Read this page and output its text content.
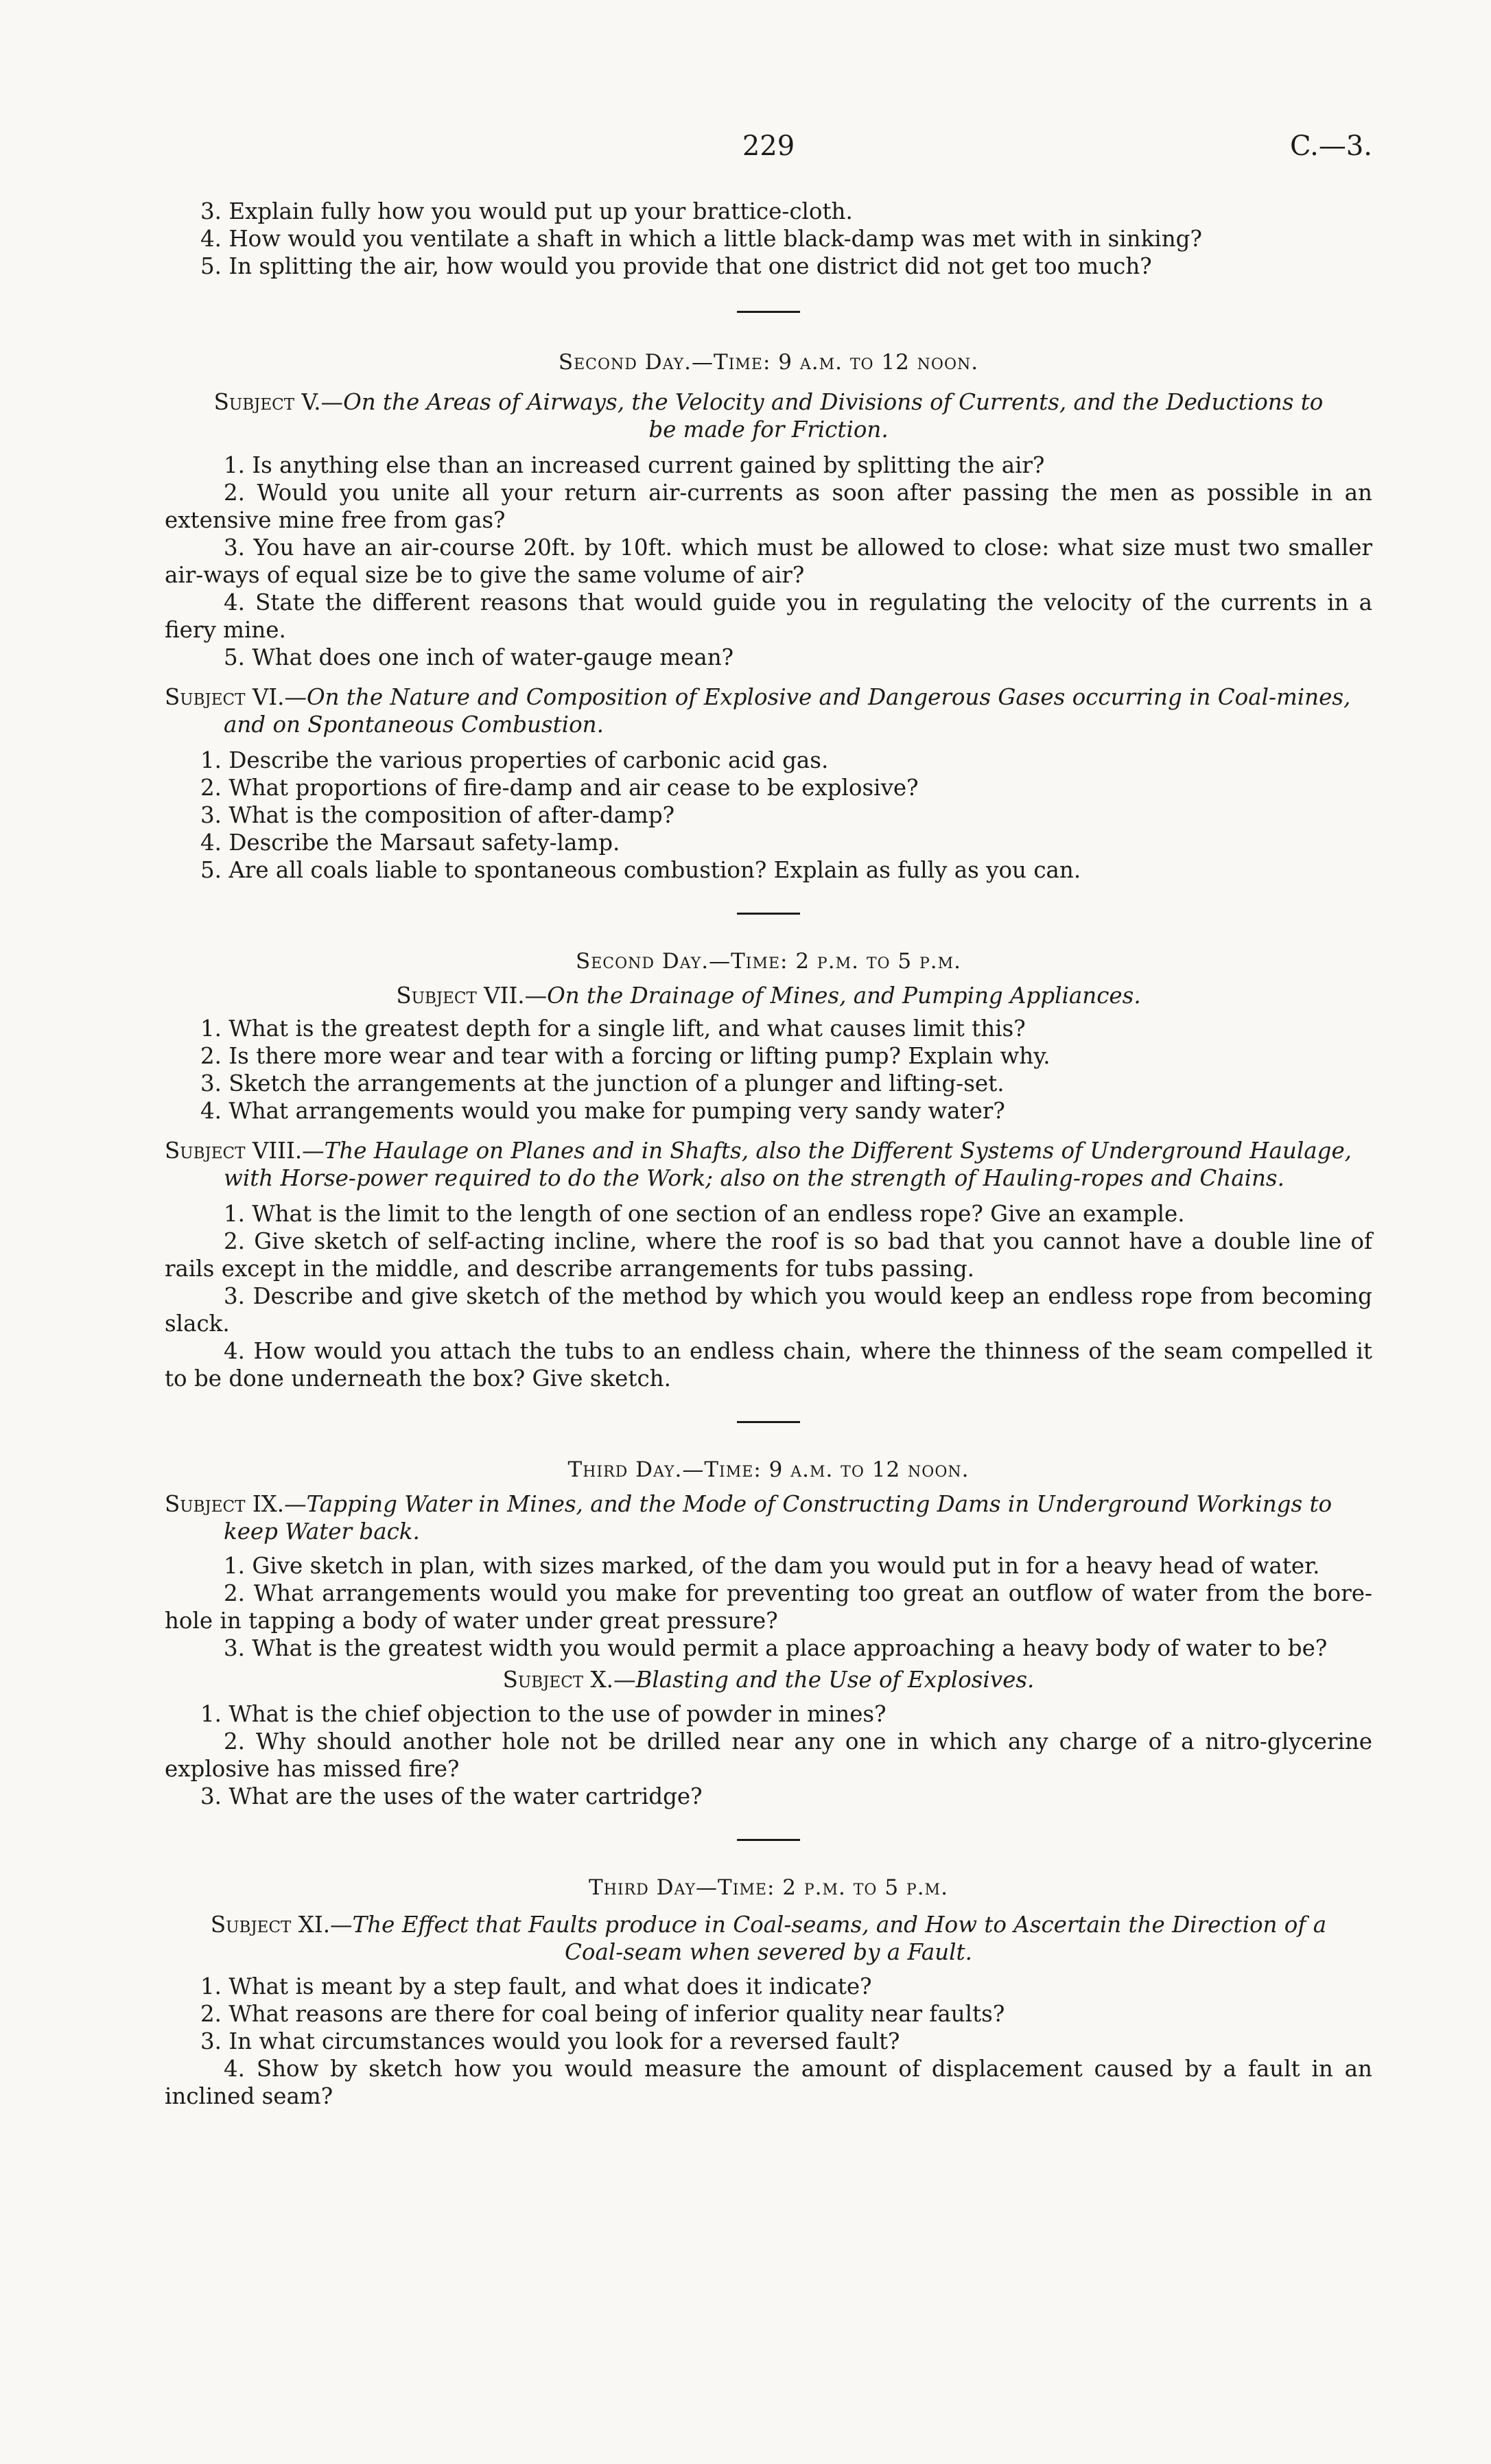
229	C.—3.

3. Explain fully how you would put up your brattice-cloth.

4. How would you ventilate a shaft in which a little black-damp was met with in sinking?

5. In splitting the air, how would you provide that one district did not get too much?

Second Day.—Time: 9 a.m. to 12 noon.

Subject V.—On the Areas of Airways, the Velocity and Divisions of Currents, and the Deductions to be made for Friction.

1. Is anything else than an increased current gained by splitting the air?

2. Would you unite all your return air-currents as soon after passing the men as possible in an extensive mine free from gas?

3. You have an air-course 20ft. by 10ft. which must be allowed to close: what size must two smaller air-ways of equal size be to give the same volume of air?

4. State the different reasons that would guide you in regulating the velocity of the currents in a fiery mine.

5. What does one inch of water-gauge mean?

Subject VI.—On the Nature and Composition of Explosive and Dangerous Gases occurring in Coal-mines, and on Spontaneous Combustion.

1. Describe the various properties of carbonic acid gas.

2. What proportions of fire-damp and air cease to be explosive?

3. What is the composition of after-damp?

4. Describe the Marsaut safety-lamp.

5. Are all coals liable to spontaneous combustion? Explain as fully as you can.

Second Day.—Time: 2 p.m. to 5 p.m.

Subject VII.—On the Drainage of Mines, and Pumping Appliances.

1. What is the greatest depth for a single lift, and what causes limit this?

2. Is there more wear and tear with a forcing or lifting pump? Explain why.

3. Sketch the arrangements at the junction of a plunger and lifting-set.

4. What arrangements would you make for pumping very sandy water?

Subject VIII.—The Haulage on Planes and in Shafts, also the Different Systems of Underground Haulage, with Horse-power required to do the Work; also on the strength of Hauling-ropes and Chains.

1. What is the limit to the length of one section of an endless rope? Give an example.

2. Give sketch of self-acting incline, where the roof is so bad that you cannot have a double line of rails except in the middle, and describe arrangements for tubs passing.

3. Describe and give sketch of the method by which you would keep an endless rope from becoming slack.

4. How would you attach the tubs to an endless chain, where the thinness of the seam compelled it to be done underneath the box? Give sketch.

Third Day.—Time: 9 a.m. to 12 noon.

Subject IX.—Tapping Water in Mines, and the Mode of Constructing Dams in Underground Workings to keep Water back.

1. Give sketch in plan, with sizes marked, of the dam you would put in for a heavy head of water.

2. What arrangements would you make for preventing too great an outflow of water from the bore-hole in tapping a body of water under great pressure?

3. What is the greatest width you would permit a place approaching a heavy body of water to be?

Subject X.—Blasting and the Use of Explosives.

1. What is the chief objection to the use of powder in mines?

2. Why should another hole not be drilled near any one in which any charge of a nitro-glycerine explosive has missed fire?

3. What are the uses of the water cartridge?

Third Day—Time: 2 p.m. to 5 p.m.

Subject XI.—The Effect that Faults produce in Coal-seams, and How to Ascertain the Direction of a Coal-seam when severed by a Fault.

1. What is meant by a step fault, and what does it indicate?

2. What reasons are there for coal being of inferior quality near faults?

3. In what circumstances would you look for a reversed fault?

4. Show by sketch how you would measure the amount of displacement caused by a fault in an inclined seam?
